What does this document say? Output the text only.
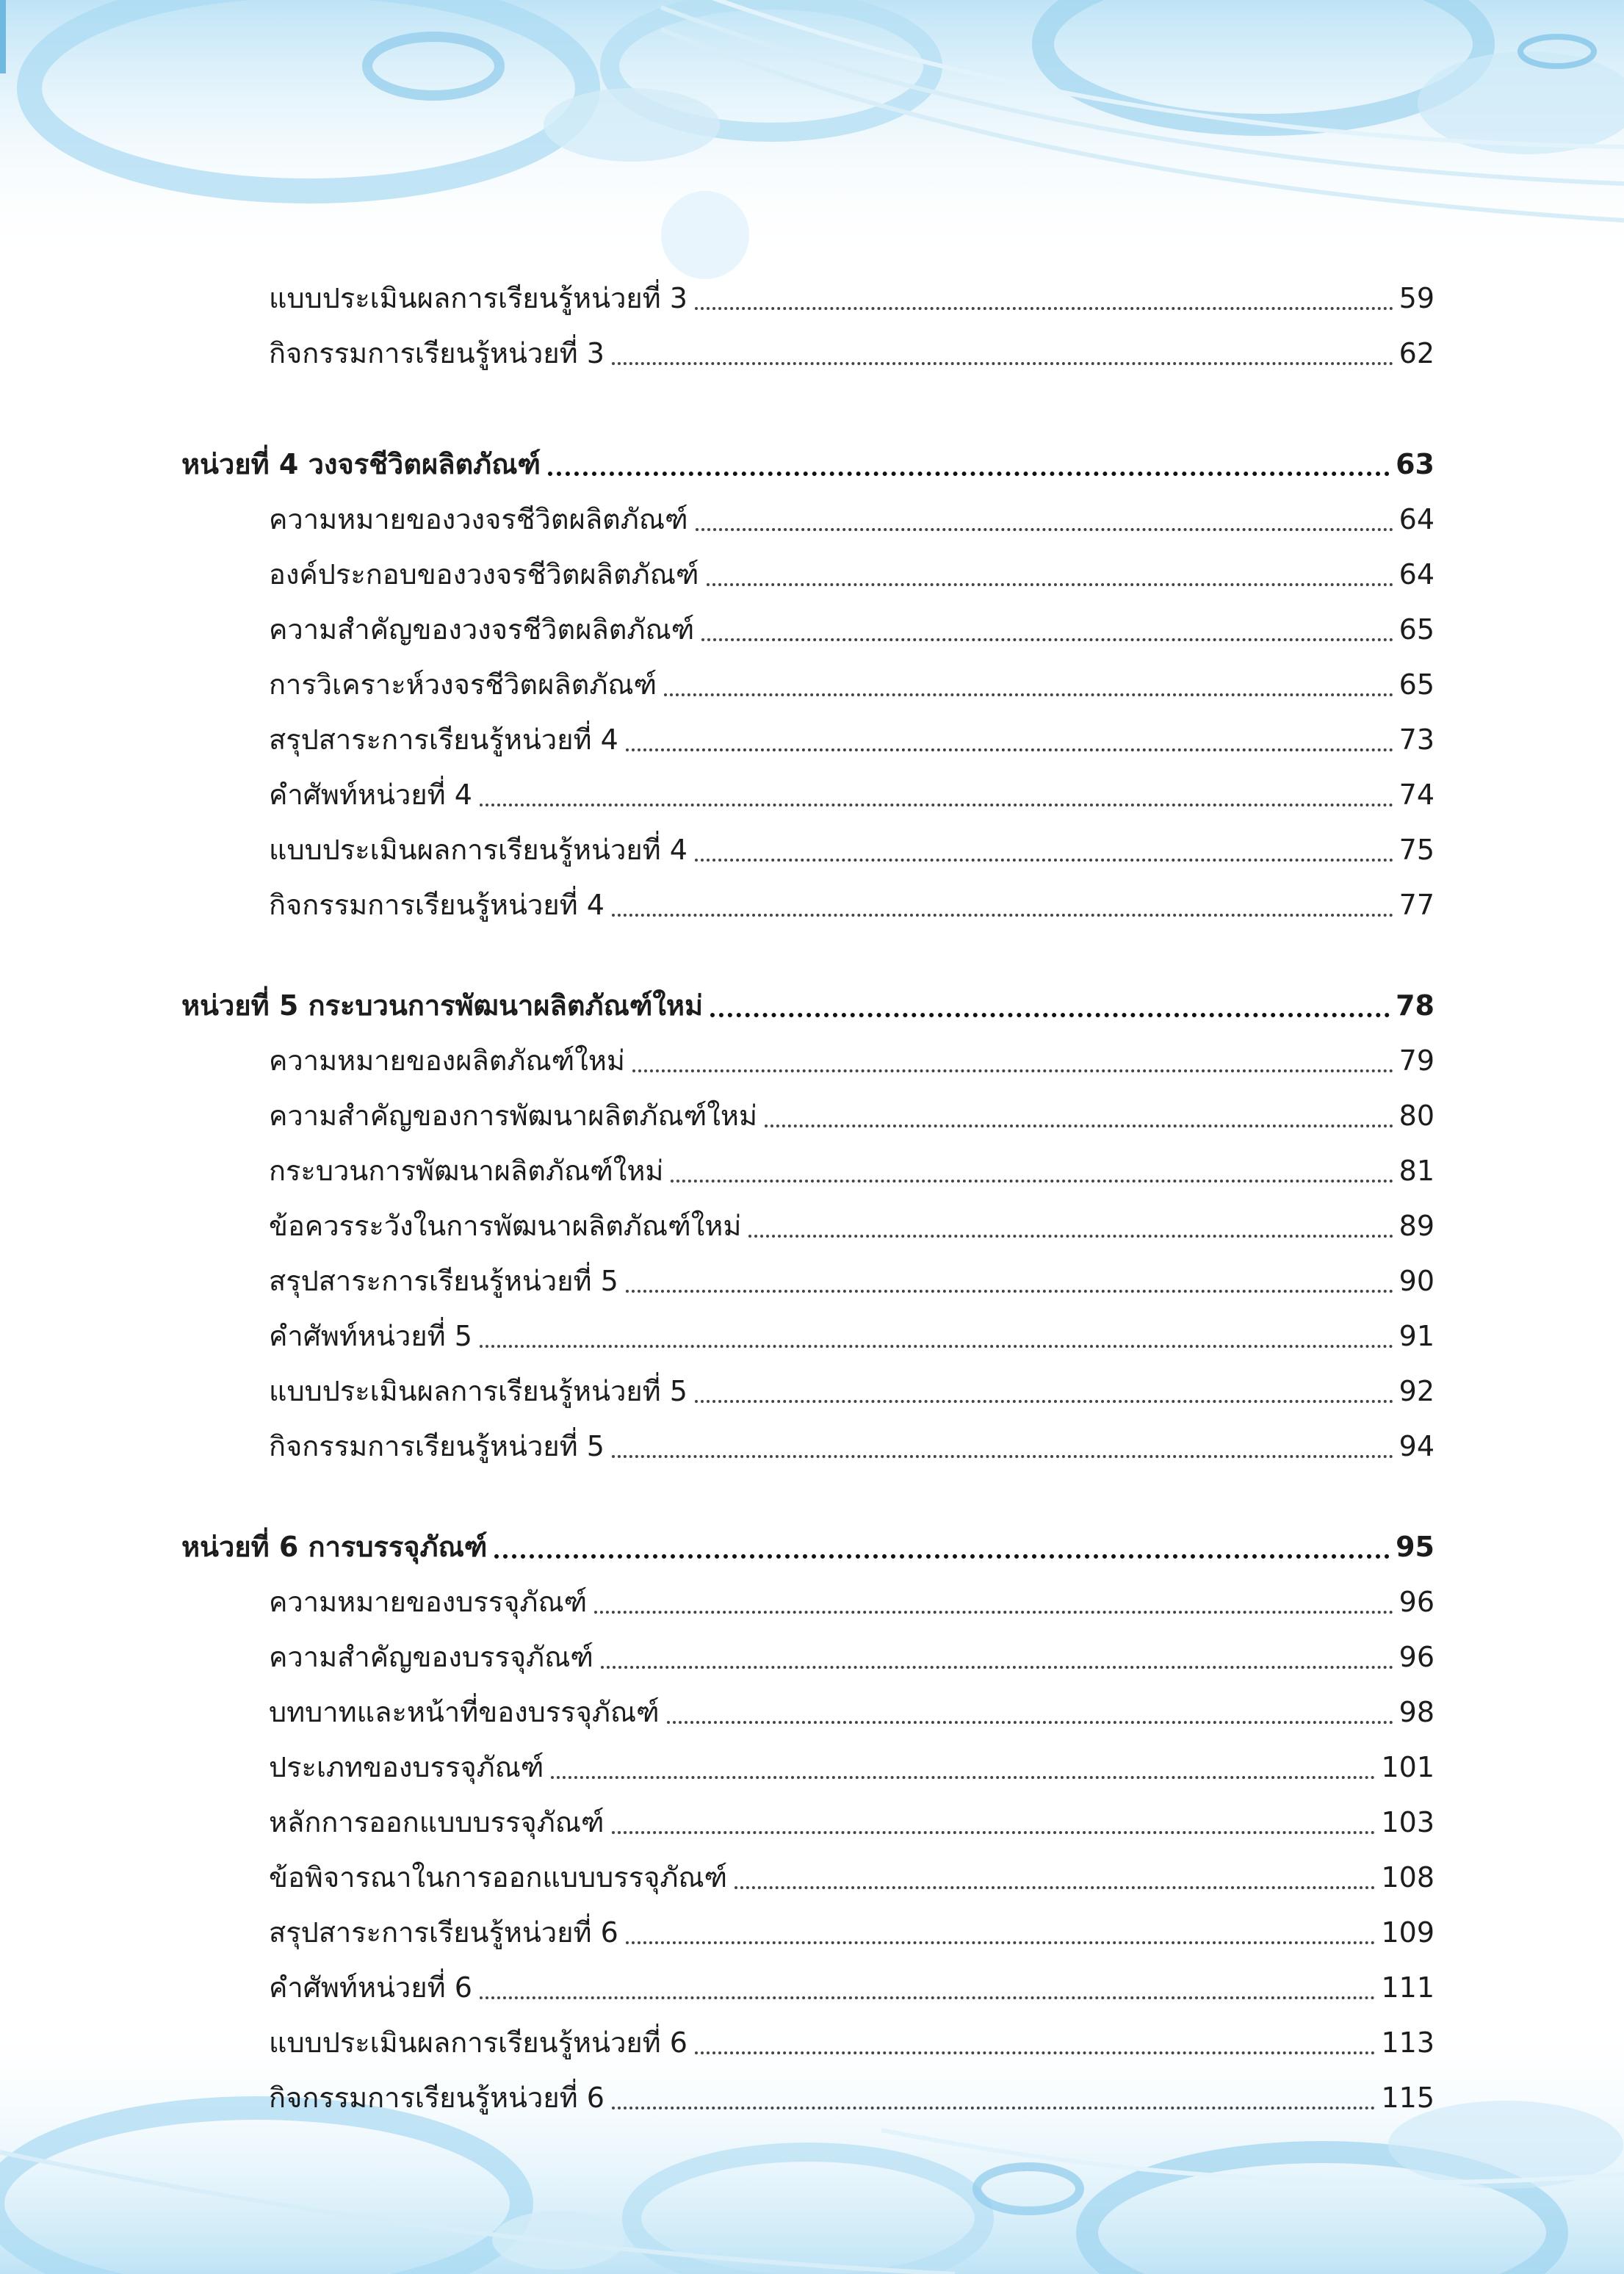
แบบประเมินผลการเรียนรู้หน่วยที่ 3	59
กิจกรรมการเรียนรู้หน่วยที่ 3	62
หน่วยที่ 4 วงจรชีวิตผลิตภัณฑ์	63
ความหมายของวงจรชีวิตผลิตภัณฑ์	64
องค์ประกอบของวงจรชีวิตผลิตภัณฑ์	64
ความสำคัญของวงจรชีวิตผลิตภัณฑ์	65
การวิเคราะห์วงจรชีวิตผลิตภัณฑ์	65
สรุปสาระการเรียนรู้หน่วยที่ 4	73
คำศัพท์หน่วยที่ 4	74
แบบประเมินผลการเรียนรู้หน่วยที่ 4	75
กิจกรรมการเรียนรู้หน่วยที่ 4	77
หน่วยที่ 5 กระบวนการพัฒนาผลิตภัณฑ์ใหม่	78
ความหมายของผลิตภัณฑ์ใหม่	79
ความสำคัญของการพัฒนาผลิตภัณฑ์ใหม่	80
กระบวนการพัฒนาผลิตภัณฑ์ใหม่	81
ข้อควรระวังในการพัฒนาผลิตภัณฑ์ใหม่	89
สรุปสาระการเรียนรู้หน่วยที่ 5	90
คำศัพท์หน่วยที่ 5	91
แบบประเมินผลการเรียนรู้หน่วยที่ 5	92
กิจกรรมการเรียนรู้หน่วยที่ 5	94
หน่วยที่ 6 การบรรจุภัณฑ์	95
ความหมายของบรรจุภัณฑ์	96
ความสำคัญของบรรจุภัณฑ์	96
บทบาทและหน้าที่ของบรรจุภัณฑ์	98
ประเภทของบรรจุภัณฑ์	101
หลักการออกแบบบรรจุภัณฑ์	103
ข้อพิจารณาในการออกแบบบรรจุภัณฑ์	108
สรุปสาระการเรียนรู้หน่วยที่ 6	109
คำศัพท์หน่วยที่ 6	111
แบบประเมินผลการเรียนรู้หน่วยที่ 6	113
กิจกรรมการเรียนรู้หน่วยที่ 6	115
